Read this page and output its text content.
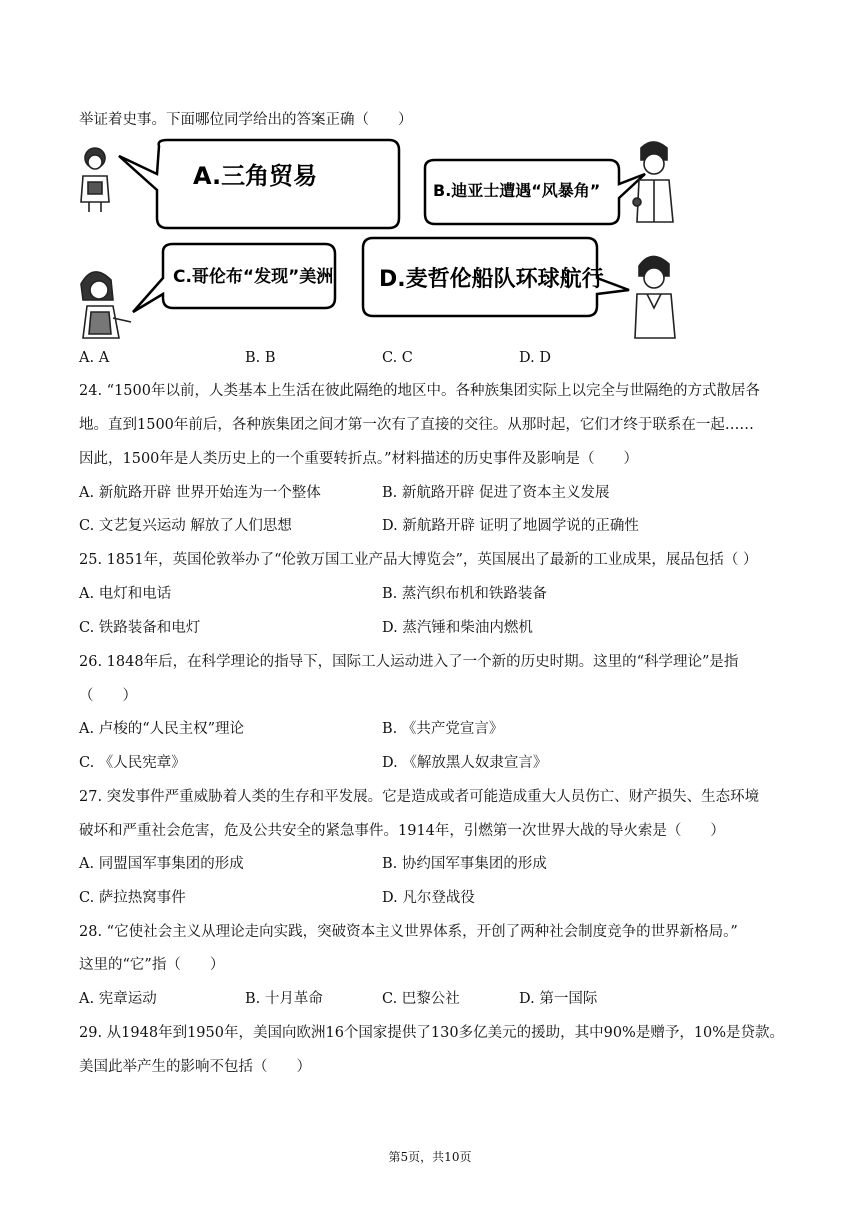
举证着史事。下面哪位同学给出的答案正确（　　）
A.三角贸易
B.迪亚士遭遇“风暴角”
C.哥伦布“发现”美洲 D.麦哲伦船队环球航行
A. A	B. B	C. C	D. D
24. “1500年以前，人类基本上生活在彼此隔绝的地区中。各种族集团实际上以完全与世隔绝的方式散居各
地。直到1500年前后，各种族集团之间才第一次有了直接的交往。从那时起，它们才终于联系在一起……
因此，1500年是人类历史上的一个重要转折点。”材料描述的历史事件及影响是（　　）
A. 新航路开辟 世界开始连为一个整体	B. 新航路开辟 促进了资本主义发展
C. 文艺复兴运动 解放了人们思想	D. 新航路开辟 证明了地圆学说的正确性
25. 1851年，英国伦敦举办了“伦敦万国工业产品大博览会”，英国展出了最新的工业成果，展品包括（ ）
A. 电灯和电话	B. 蒸汽织布机和铁路装备
C. 铁路装备和电灯	D. 蒸汽锤和柴油内燃机
26. 1848年后，在科学理论的指导下，国际工人运动进入了一个新的历史时期。这里的“科学理论”是指
（　　）
A. 卢梭的“人民主权”理论	B. 《共产党宣言》
C. 《人民宪章》	D. 《解放黑人奴隶宣言》
27. 突发事件严重威胁着人类的生存和平发展。它是造成或者可能造成重大人员伤亡、财产损失、生态环境
破坏和严重社会危害，危及公共安全的紧急事件。1914年，引燃第一次世界大战的导火索是（　　）
A. 同盟国军事集团的形成	B. 协约国军事集团的形成
C. 萨拉热窝事件	D. 凡尔登战役
28. “它使社会主义从理论走向实践，突破资本主义世界体系，开创了两种社会制度竞争的世界新格局。”
这里的“它”指（　　）
A. 宪章运动	B. 十月革命	C. 巴黎公社	D. 第一国际
29. 从1948年到1950年，美国向欧洲16个国家提供了130多亿美元的援助，其中90%是赠予，10%是贷款。
美国此举产生的影响不包括（　　）
第5页，共10页
